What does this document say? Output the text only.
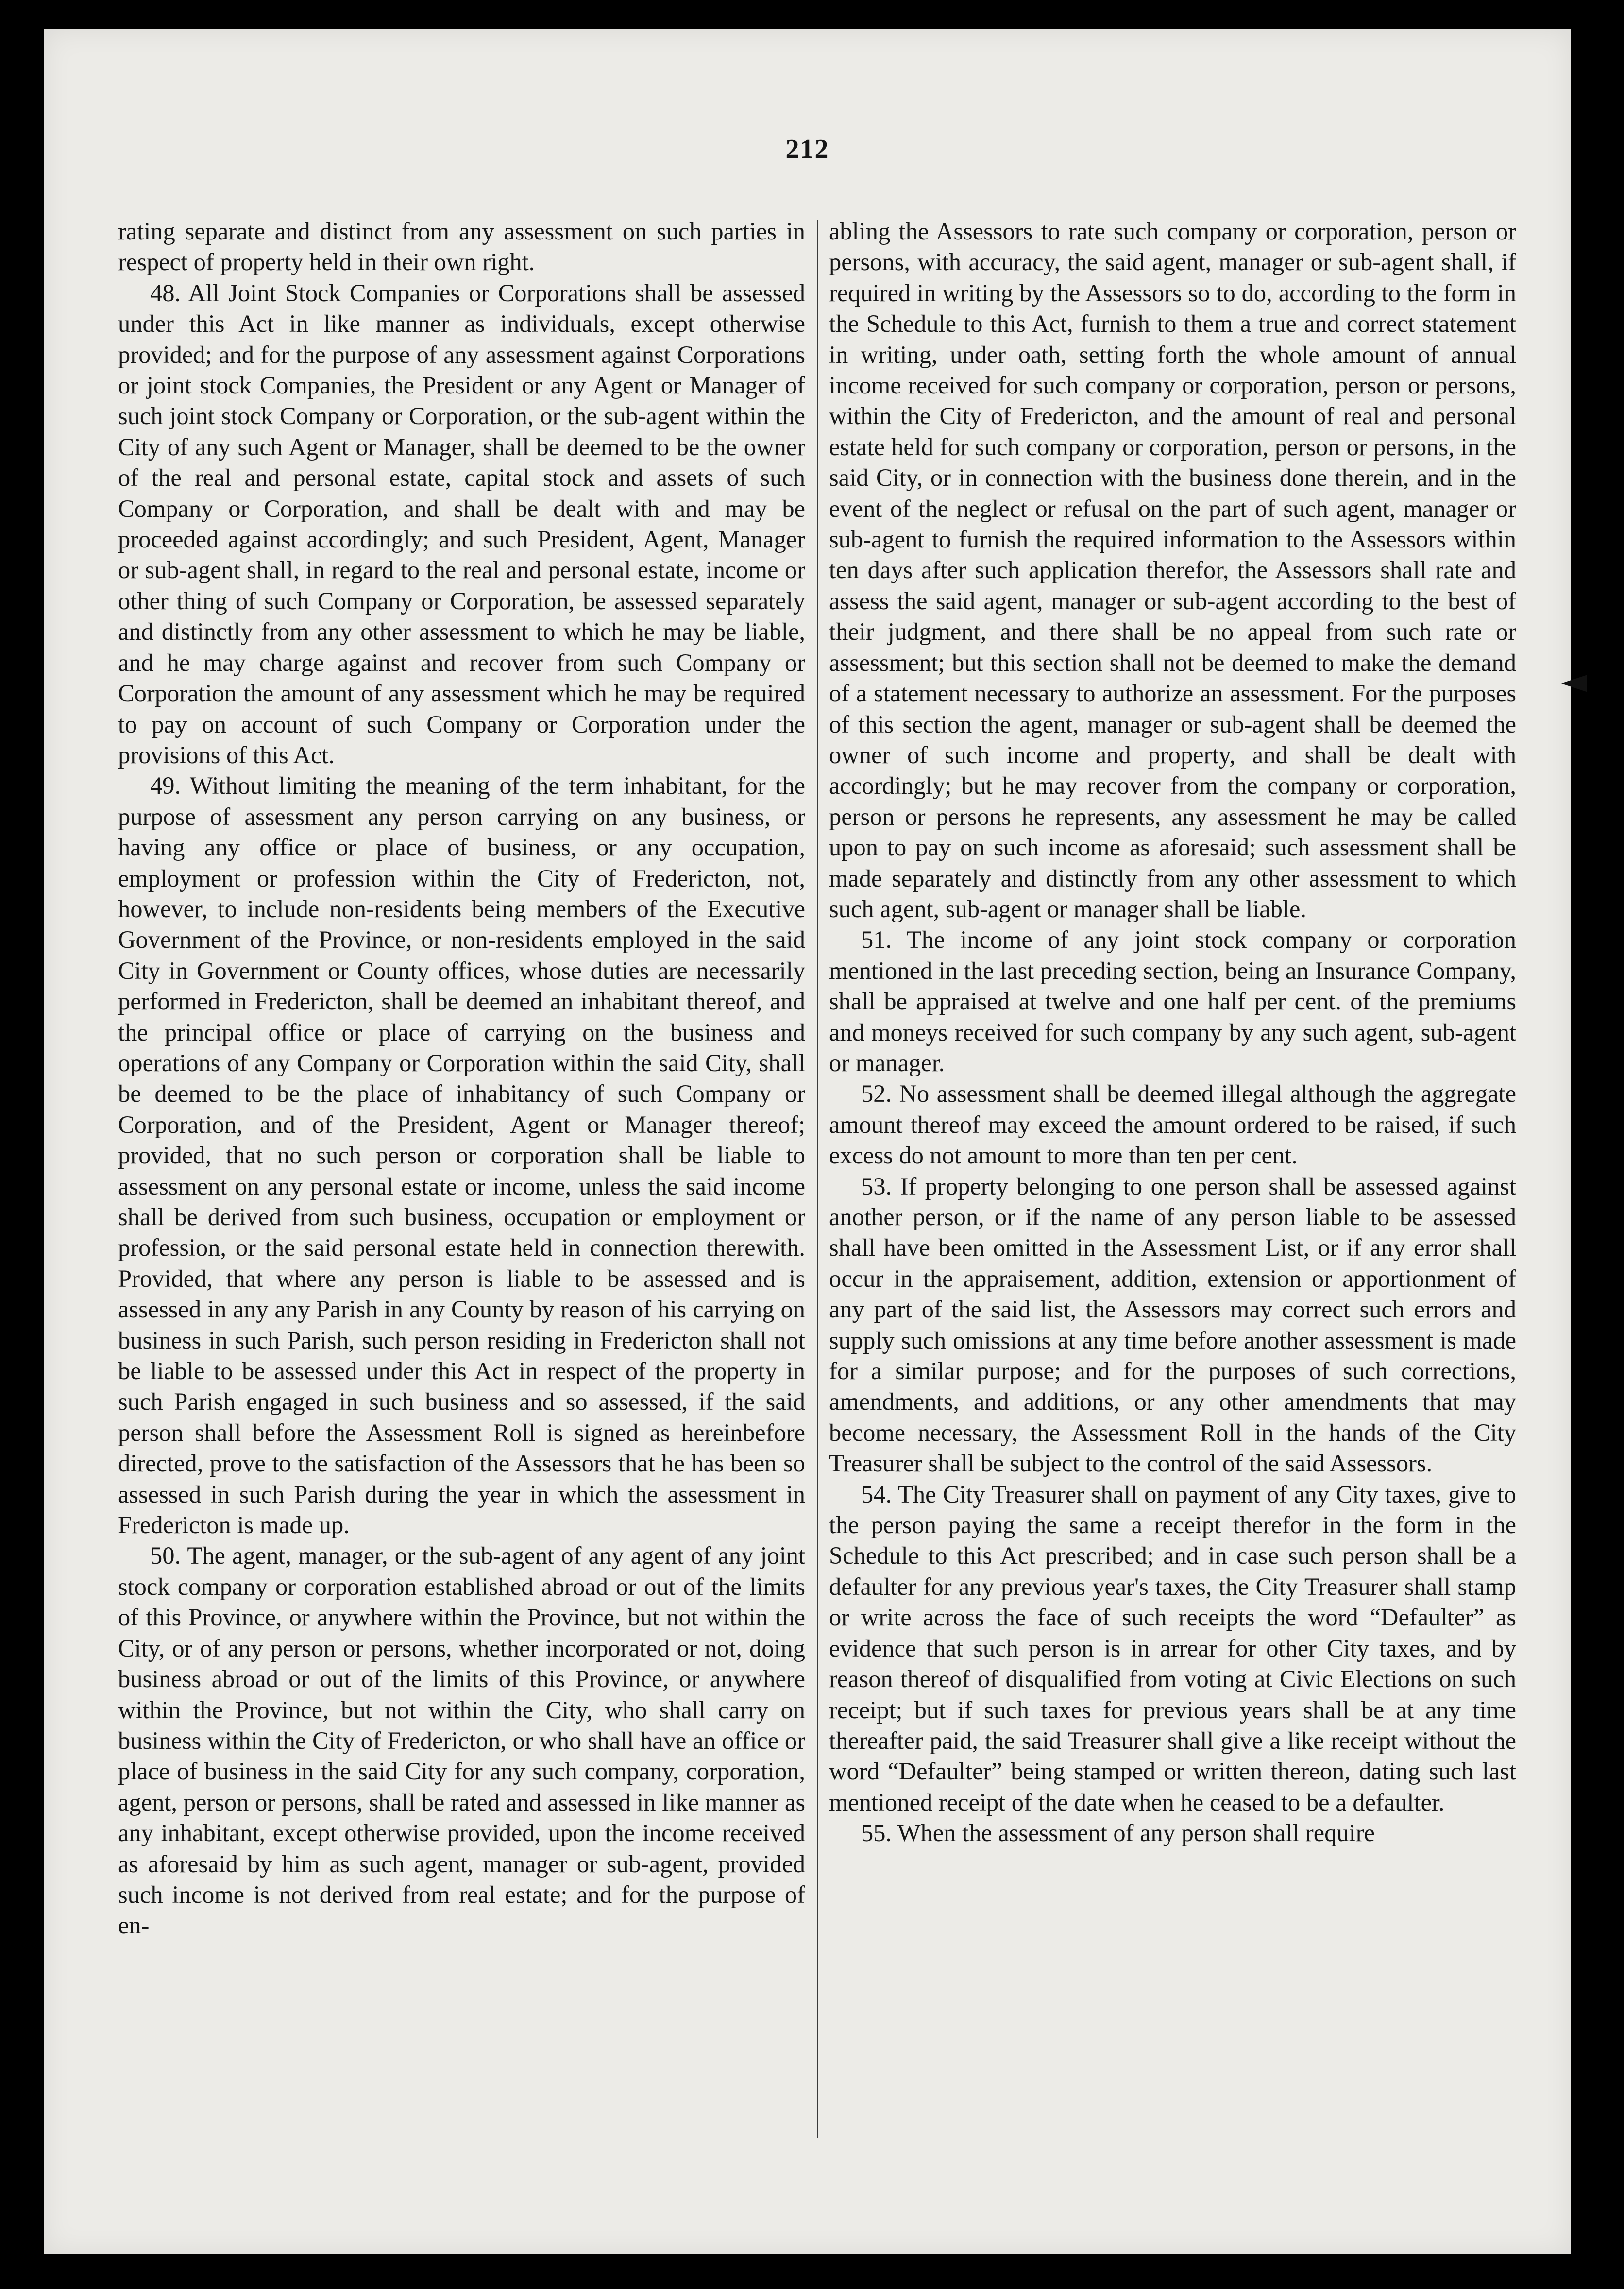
212

rating separate and distinct from any assessment on such parties in respect of property held in their own right.

48. All Joint Stock Companies or Corporations shall be assessed under this Act in like manner as individuals, except otherwise provided; and for the purpose of any assessment against Corporations or joint stock Companies, the President or any Agent or Manager of such joint stock Company or Corporation, or the sub-agent within the City of any such Agent or Manager, shall be deemed to be the owner of the real and personal estate, capital stock and assets of such Company or Corporation, and shall be dealt with and may be proceeded against accordingly; and such President, Agent, Manager or sub-agent shall, in regard to the real and personal estate, income or other thing of such Company or Corporation, be assessed separately and distinctly from any other assessment to which he may be liable, and he may charge against and recover from such Company or Corporation the amount of any assessment which he may be required to pay on account of such Company or Corporation under the provisions of this Act.

49. Without limiting the meaning of the term inhabitant, for the purpose of assessment any person carrying on any business, or having any office or place of business, or any occupation, employment or profession within the City of Fredericton, not, however, to include non-residents being members of the Executive Government of the Province, or non-residents employed in the said City in Government or County offices, whose duties are necessarily performed in Fredericton, shall be deemed an inhabitant thereof, and the principal office or place of carrying on the business and operations of any Company or Corporation within the said City, shall be deemed to be the place of inhabitancy of such Company or Corporation, and of the President, Agent or Manager thereof; provided, that no such person or corporation shall be liable to assessment on any personal estate or income, unless the said income shall be derived from such business, occupation or employment or profession, or the said personal estate held in connection therewith. Provided, that where any person is liable to be assessed and is assessed in any any Parish in any County by reason of his carrying on business in such Parish, such person residing in Fredericton shall not be liable to be assessed under this Act in respect of the property in such Parish engaged in such business and so assessed, if the said person shall before the Assessment Roll is signed as hereinbefore directed, prove to the satisfaction of the Assessors that he has been so assessed in such Parish during the year in which the assessment in Fredericton is made up.

50. The agent, manager, or the sub-agent of any agent of any joint stock company or corporation established abroad or out of the limits of this Province, or anywhere within the Province, but not within the City, or of any person or persons, whether incorporated or not, doing business abroad or out of the limits of this Province, or anywhere within the Province, but not within the City, who shall carry on business within the City of Fredericton, or who shall have an office or place of business in the said City for any such company, corporation, agent, person or persons, shall be rated and assessed in like manner as any inhabitant, except otherwise provided, upon the income received as aforesaid by him as such agent, manager or sub-agent, provided such income is not derived from real estate; and for the purpose of en-

abling the Assessors to rate such company or corporation, person or persons, with accuracy, the said agent, manager or sub-agent shall, if required in writing by the Assessors so to do, according to the form in the Schedule to this Act, furnish to them a true and correct statement in writing, under oath, setting forth the whole amount of annual income received for such company or corporation, person or persons, within the City of Fredericton, and the amount of real and personal estate held for such company or corporation, person or persons, in the said City, or in connection with the business done therein, and in the event of the neglect or refusal on the part of such agent, manager or sub-agent to furnish the required information to the Assessors within ten days after such application therefor, the Assessors shall rate and assess the said agent, manager or sub-agent according to the best of their judgment, and there shall be no appeal from such rate or assessment; but this section shall not be deemed to make the demand of a statement necessary to authorize an assessment. For the purposes of this section the agent, manager or sub-agent shall be deemed the owner of such income and property, and shall be dealt with accordingly; but he may recover from the company or corporation, person or persons he represents, any assessment he may be called upon to pay on such income as aforesaid; such assessment shall be made separately and distinctly from any other assessment to which such agent, sub-agent or manager shall be liable.

51. The income of any joint stock company or corporation mentioned in the last preceding section, being an Insurance Company, shall be appraised at twelve and one half per cent. of the premiums and moneys received for such company by any such agent, sub-agent or manager.

52. No assessment shall be deemed illegal although the aggregate amount thereof may exceed the amount ordered to be raised, if such excess do not amount to more than ten per cent.

53. If property belonging to one person shall be assessed against another person, or if the name of any person liable to be assessed shall have been omitted in the Assessment List, or if any error shall occur in the appraisement, addition, extension or apportionment of any part of the said list, the Assessors may correct such errors and supply such omissions at any time before another assessment is made for a similar purpose; and for the purposes of such corrections, amendments, and additions, or any other amendments that may become necessary, the Assessment Roll in the hands of the City Treasurer shall be subject to the control of the said Assessors.

54. The City Treasurer shall on payment of any City taxes, give to the person paying the same a receipt therefor in the form in the Schedule to this Act prescribed; and in case such person shall be a defaulter for any previous year's taxes, the City Treasurer shall stamp or write across the face of such receipts the word “Defaulter” as evidence that such person is in arrear for other City taxes, and by reason thereof of disqualified from voting at Civic Elections on such receipt; but if such taxes for previous years shall be at any time thereafter paid, the said Treasurer shall give a like receipt without the word “Defaulter” being stamped or written thereon, dating such last mentioned receipt of the date when he ceased to be a defaulter.

55. When the assessment of any person shall require

◄
